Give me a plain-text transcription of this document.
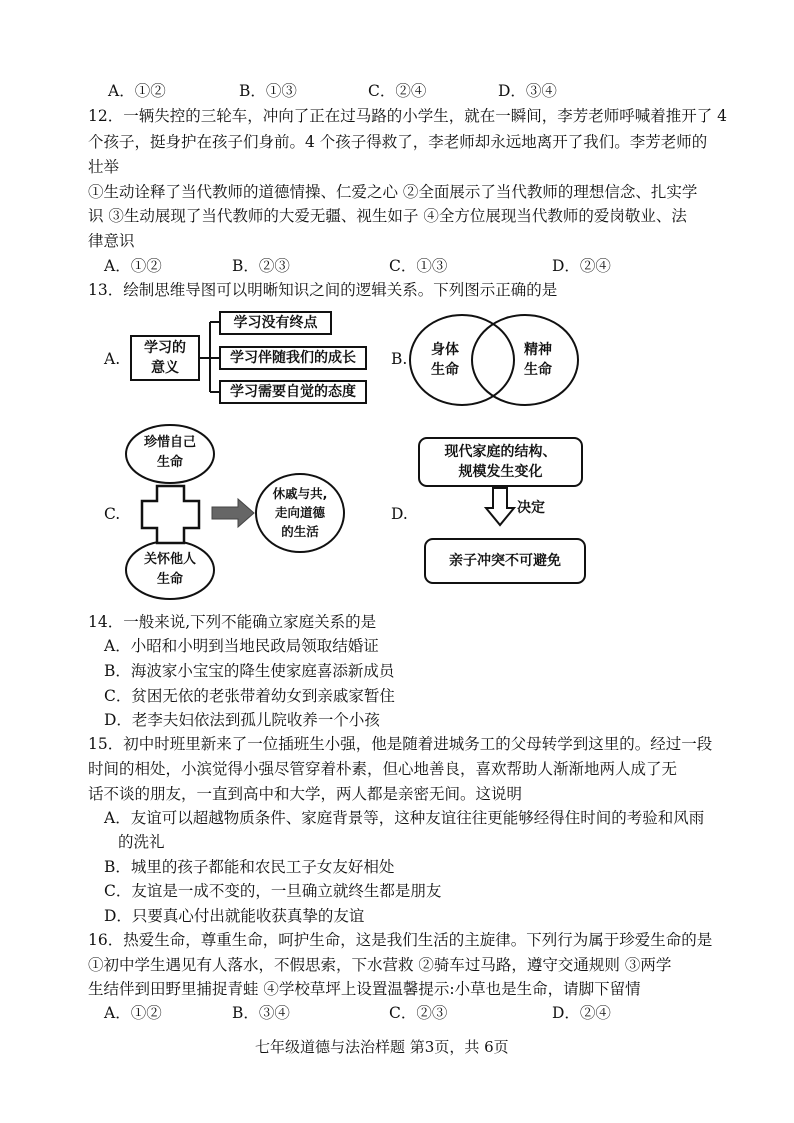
A．①②	B．①③	C．②④	D．③④
12．一辆失控的三轮车，冲向了正在过马路的小学生，就在一瞬间，李芳老师呼喊着推开了 4
个孩子，挺身护在孩子们身前。4 个孩子得救了，李老师却永远地离开了我们。李芳老师的
壮举
①生动诠释了当代教师的道德情操、仁爱之心 ②全面展示了当代教师的理想信念、扎实学
识 ③生动展现了当代教师的大爱无疆、视生如子 ④全方位展现当代教师的爱岗敬业、法
律意识
A．①②	B．②③	C．①③	D．②④
13．绘制思维导图可以明晰知识之间的逻辑关系。下列图示正确的是
A.
学习的
意义
学习没有终点
学习伴随我们的成长
学习需要自觉的态度
B.	身体
生命
精神
生命
C.
珍惜自己
生命
关怀他人
生命
休戚与共,
走向道德
的生活
D.
现代家庭的结构、
规模发生变化
决定
亲子冲突不可避免
14．一般来说,下列不能确立家庭关系的是
A．小昭和小明到当地民政局领取结婚证
B．海波家小宝宝的降生使家庭喜添新成员
C．贫困无依的老张带着幼女到亲戚家暂住
D．老李夫妇依法到孤儿院收养一个小孩
15．初中时班里新来了一位插班生小强，他是随着进城务工的父母转学到这里的。经过一段
时间的相处，小滨觉得小强尽管穿着朴素，但心地善良，喜欢帮助人渐渐地两人成了无
话不谈的朋友，一直到高中和大学，两人都是亲密无间。这说明
A．友谊可以超越物质条件、家庭背景等，这种友谊往往更能够经得住时间的考验和风雨
的洗礼
B．城里的孩子都能和农民工子女友好相处
C．友谊是一成不变的，一旦确立就终生都是朋友
D．只要真心付出就能收获真挚的友谊
16．热爱生命，尊重生命，呵护生命，这是我们生活的主旋律。下列行为属于珍爱生命的是
①初中学生遇见有人落水，不假思索，下水营救 ②骑车过马路，遵守交通规则 ③两学
生结伴到田野里捕捉青蛙 ④学校草坪上设置温馨提示:小草也是生命，请脚下留情
A．①②	B．③④	C．②③	D．②④
七年级道德与法治样题 第3页，共 6页
